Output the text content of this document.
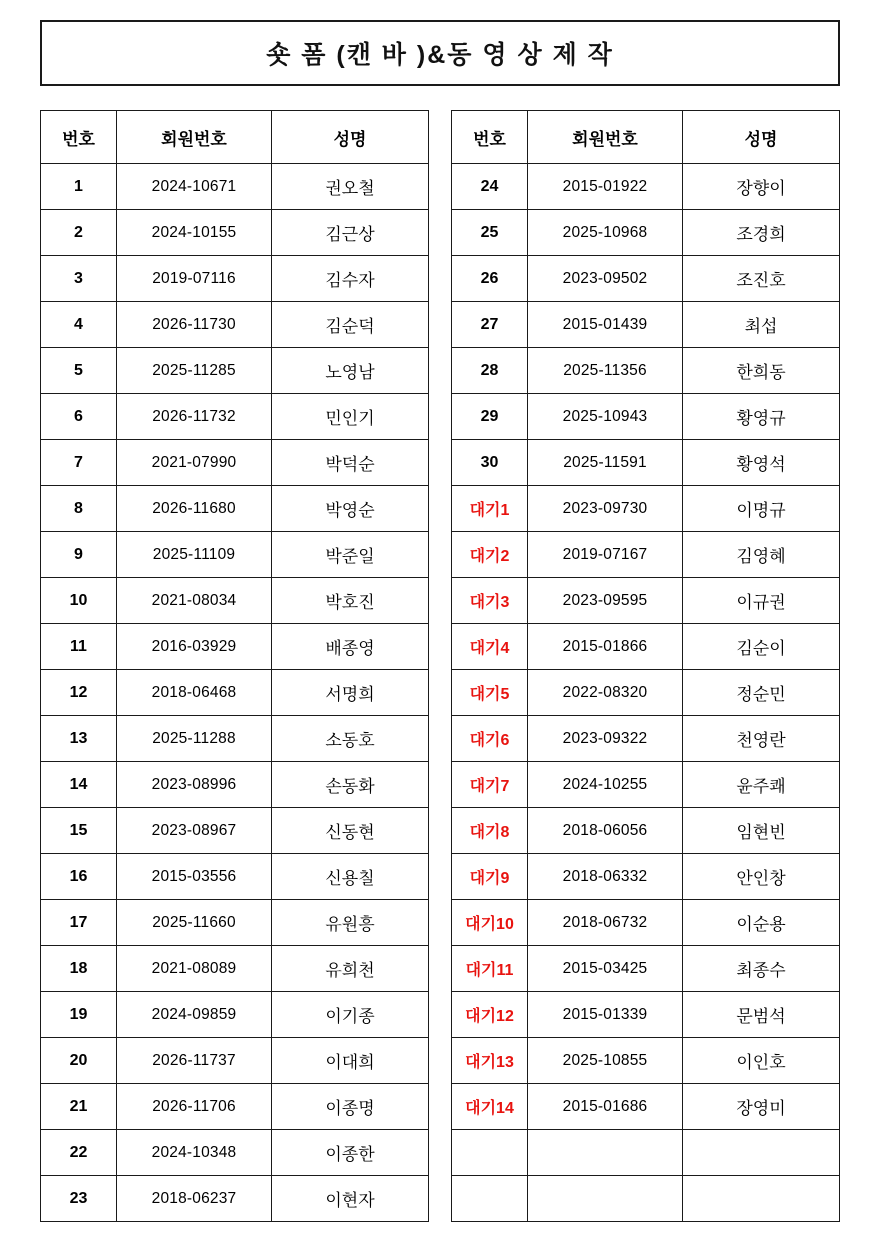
숏 폼 (캔 바 )&동 영 상 제 작
번호	회원번호	성명
1	2024-10671	권오철
2	2024-10155	김근상
3	2019-07116	김수자
4	2026-11730	김순덕
5	2025-11285	노영남
6	2026-11732	민인기
7	2021-07990	박덕순
8	2026-11680	박영순
9	2025-11109	박준일
10	2021-08034	박호진
11	2016-03929	배종영
12	2018-06468	서명희
13	2025-11288	소동호
14	2023-08996	손동화
15	2023-08967	신동현
16	2015-03556	신용칠
17	2025-11660	유원흥
18	2021-08089	유희천
19	2024-09859	이기종
20	2026-11737	이대희
21	2026-11706	이종명
22	2024-10348	이종한
23	2018-06237	이현자
번호	회원번호	성명
24	2015-01922	장향이
25	2025-10968	조경희
26	2023-09502	조진호
27	2015-01439	최섭
28	2025-11356	한희동
29	2025-10943	황영규
30	2025-11591	황영석
대기1	2023-09730	이명규
대기2	2019-07167	김영혜
대기3	2023-09595	이규권
대기4	2015-01866	김순이
대기5	2022-08320	정순민
대기6	2023-09322	천영란
대기7	2024-10255	윤주쾌
대기8	2018-06056	임현빈
대기9	2018-06332	안인창
대기10	2018-06732	이순용
대기11	2015-03425	최종수
대기12	2015-01339	문범석
대기13	2025-10855	이인호
대기14	2015-01686	장영미
